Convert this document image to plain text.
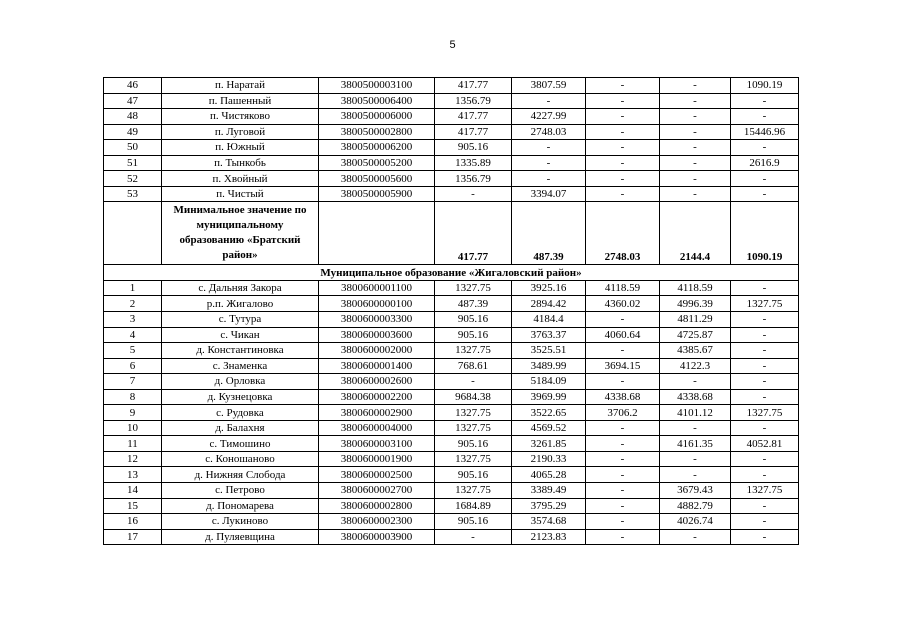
5
46	п. Наратай	3800500003100	417.77	3807.59	-	-	1090.19
47	п. Пашенный	3800500006400	1356.79	-	-	-	-
48	п. Чистяково	3800500006000	417.77	4227.99	-	-	-
49	п. Луговой	3800500002800	417.77	2748.03	-	-	15446.96
50	п. Южный	3800500006200	905.16	-	-	-	-
51	п. Тынкобь	3800500005200	1335.89	-	-	-	2616.9
52	п. Хвойный	3800500005600	1356.79	-	-	-	-
53	п. Чистый	3800500005900	-	3394.07	-	-	-
	Минимальное значение по муниципальному образованию «Братский район»		417.77	487.39	2748.03	2144.4	1090.19
Муниципальное образование «Жигаловский район»							
1	с. Дальняя Закора	3800600001100	1327.75	3925.16	4118.59	4118.59	-
2	р.п. Жигалово	3800600000100	487.39	2894.42	4360.02	4996.39	1327.75
3	с. Тутура	3800600003300	905.16	4184.4	-	4811.29	-
4	с. Чикан	3800600003600	905.16	3763.37	4060.64	4725.87	-
5	д. Константиновка	3800600002000	1327.75	3525.51	-	4385.67	-
6	с. Знаменка	3800600001400	768.61	3489.99	3694.15	4122.3	-
7	д. Орловка	3800600002600	-	5184.09	-	-	-
8	д. Кузнецовка	3800600002200	9684.38	3969.99	4338.68	4338.68	-
9	с. Рудовка	3800600002900	1327.75	3522.65	3706.2	4101.12	1327.75
10	д. Балахня	3800600004000	1327.75	4569.52	-	-	-
11	с. Тимошино	3800600003100	905.16	3261.85	-	4161.35	4052.81
12	с. Коношаново	3800600001900	1327.75	2190.33	-	-	-
13	д. Нижняя Слобода	3800600002500	905.16	4065.28	-	-	-
14	с. Петрово	3800600002700	1327.75	3389.49	-	3679.43	1327.75
15	д. Пономарева	3800600002800	1684.89	3795.29	-	4882.79	-
16	с. Лукиново	3800600002300	905.16	3574.68	-	4026.74	-
17	д. Пуляевщина	3800600003900	-	2123.83	-	-	-
